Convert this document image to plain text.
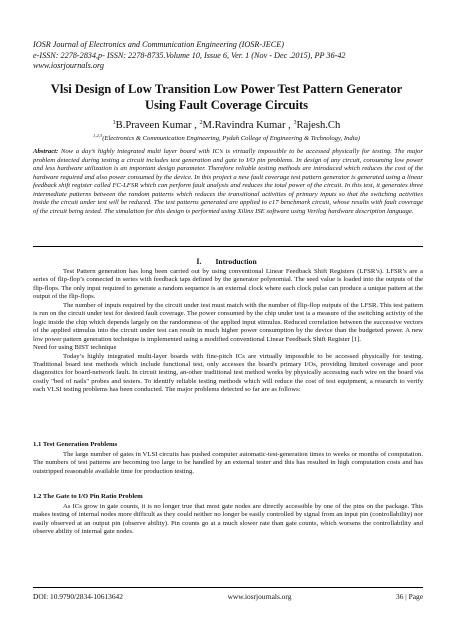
IOSR Journal of Electronics and Communication Engineering (IOSR-JECE)
e-ISSN: 2278-2834,p- ISSN: 2278-8735.Volume 10, Issue 6, Ver. 1 (Nov - Dec .2015), PP 36-42
www.iosrjournals.org
Vlsi Design of Low Transition Low Power Test Pattern Generator
Using Fault Coverage Circuits
$^1$B.Praveen Kumar , $^2$M.Ravindra Kumar , $^3$Rajesh.Ch
$^{1,2,3}$(Electronics & Communication Engineering, Pydah College of Engineering & Technology, India)
Abstract: Now a day’s highly integrated multi layer board with IC’s is virtually impossible to be accessed physically for testing. The major problem detected during testing a circuit includes test generation and gate to I/O pin problems. In design of any circuit, consuming low power and less hardware utilization is an important design parameter. Therefore reliable testing methods are introduced which reduces the cost of the hardware required and also power consumed by the device. In this project a new fault coverage test pattern generator is generated using a linear feedback shift register called FC-LFSR which can perform fault analysis and reduces the total power of the circuit. In this test, it generates three intermediate patterns between the random patterns which reduces the transitional activities of primary inputs so that the switching activities inside the circuit under test will be reduced. The test patterns generated are applied to c17 benchmark circuit, whose results with fault coverage of the circuit being tested. The simulation for this design is performed using Xilinx ISE software using Verilog hardware description language.
I. Introduction

Test Pattern generation has long been carried out by using conventional Linear Feedback Shift Registers (LFSR’s). LFSR’s are a series of flip-flop’s connected in series with feedback taps defined by the generator polynomial. The seed value is loaded into the outputs of the flip-flops. The only input required to generate a random sequence is an external clock where each clock pulse can produce a unique pattern at the output of the flip-flops.

The number of inputs required by the circuit under test must match with the number of flip-flop outputs of the LFSR. This test pattern is run on the circuit under test for desired fault coverage. The power consumed by the chip under test is a measure of the switching activity of the logic inside the chip which depends largely on the randomness of the applied input stimulus. Reduced correlation between the successive vectors of the applied stimulus into the circuit under test can result in much higher power consumption by the device than the budgeted power. A new low power pattern generation technique is implemented using a modified conventional Linear Feedback Shift Register [1].

Need for using BIST technique

Today’s highly integrated multi-layer boards with fine-pitch ICs are virtually impossible to be accessed physically for testing. Traditional board test methods which include functional test, only accesses the board's primary I/Os, providing limited coverage and poor diagnostics for board-network fault. In circuit testing, an-other traditional test method works by physically accessing each wire on the board via costly "bed of nails" probes and testers. To identify reliable testing methods which will reduce the cost of test equipment, a research to verify each VLSI testing problems has been conducted. The major problems detected so far are as follows:

1.1 Test Generation Problems

The large number of gates in VLSI circuits has pushed computer automatic-test-generation times to weeks or months of computation. The numbers of test patterns are becoming too large to be handled by an external tester and this has resulted in high computation costs and has outstripped reasonable available time for production testing.

1.2 The Gate to I/O Pin Ratio Problem

As ICs grow in gate counts, it is no longer true that most gate nodes are directly accessible by one of the pins on the package. This makes testing of internal nodes more difficult as they could neither no longer be easily controlled by signal from an input pin (controllability) nor easily observed at an output pin (observe ability). Pin counts go at a much slower rate than gate counts, which worsens the controllability and observe ability of internal gate nodes.

DOI: 10.9790/2834-10613642	www.iosrjournals.org	36 | Page
